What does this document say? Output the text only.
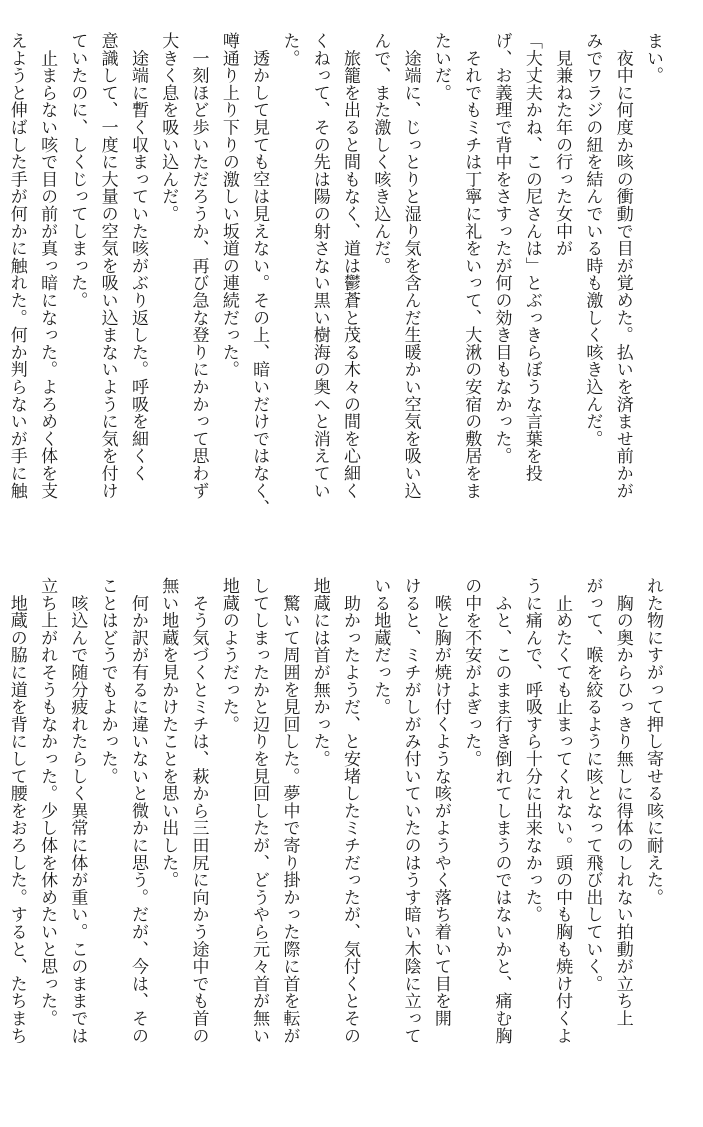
まい。

　夜中に何度か咳の衝動で目が覚めた。払いを済ませ前かが

みでワラジの紐を結んでいる時も激しく咳き込んだ。

　見兼ねた年の行った女中が

「大丈夫かね、この尼さんは」とぶっきらぼうな言葉を投

げ、お義理で背中をさすったが何の効き目もなかった。

　それでもミチは丁寧に礼をいって、大湫の安宿の敷居をま

たいだ。

　途端に、じっとりと湿り気を含んだ生暖かい空気を吸い込

んで、また激しく咳き込んだ。

　旅籠を出ると間もなく、道は鬱蒼と茂る木々の間を心細く

くねって、その先は陽の射さない黒い樹海の奥へと消えてい

た。

　透かして見ても空は見えない。その上、暗いだけではなく、

噂通り上り下りの激しい坂道の連続だった。

　一刻ほど歩いただろうか、再び急な登りにかかって思わず

大きく息を吸い込んだ。

　途端に暫く収まっていた咳がぶり返した。呼吸を細くく

意識して、一度に大量の空気を吸い込まないように気を付け

ていたのに、しくじってしまった。

　止まらない咳で目の前が真っ暗になった。よろめく体を支

えようと伸ばした手が何かに触れた。何か判らないが手に触

れた物にすがって押し寄せる咳に耐えた。

　胸の奥からひっきり無しに得体のしれない拍動が立ち上

がって、喉を絞るように咳となって飛び出していく。

　止めたくても止まってくれない。頭の中も胸も焼け付くよ

うに痛んで、呼吸すら十分に出来なかった。

　ふと、このまま行き倒れてしまうのではないかと、痛む胸

の中を不安がよぎった。

　喉と胸が焼け付くような咳がようやく落ち着いて目を開

けると、ミチがしがみ付いていたのはうす暗い木陰に立って

いる地蔵だった。

　助かったようだ、と安堵したミチだったが、気付くとその

地蔵には首が無かった。

　驚いて周囲を見回した。夢中で寄り掛かった際に首を転が

してしまったかと辺りを見回したが、どうやら元々首が無い

地蔵のようだった。

　そう気づくとミチは、萩から三田尻に向かう途中でも首の

無い地蔵を見かけたことを思い出した。

　何か訳が有るに違いないと微かに思う。だが、今は、その

ことはどうでもよかった。

　咳込んで随分疲れたらしく異常に体が重い。このままでは

立ち上がれそうもなかった。少し体を休めたいと思った。

　地蔵の脇に道を背にして腰をおろした。すると、たちまち
